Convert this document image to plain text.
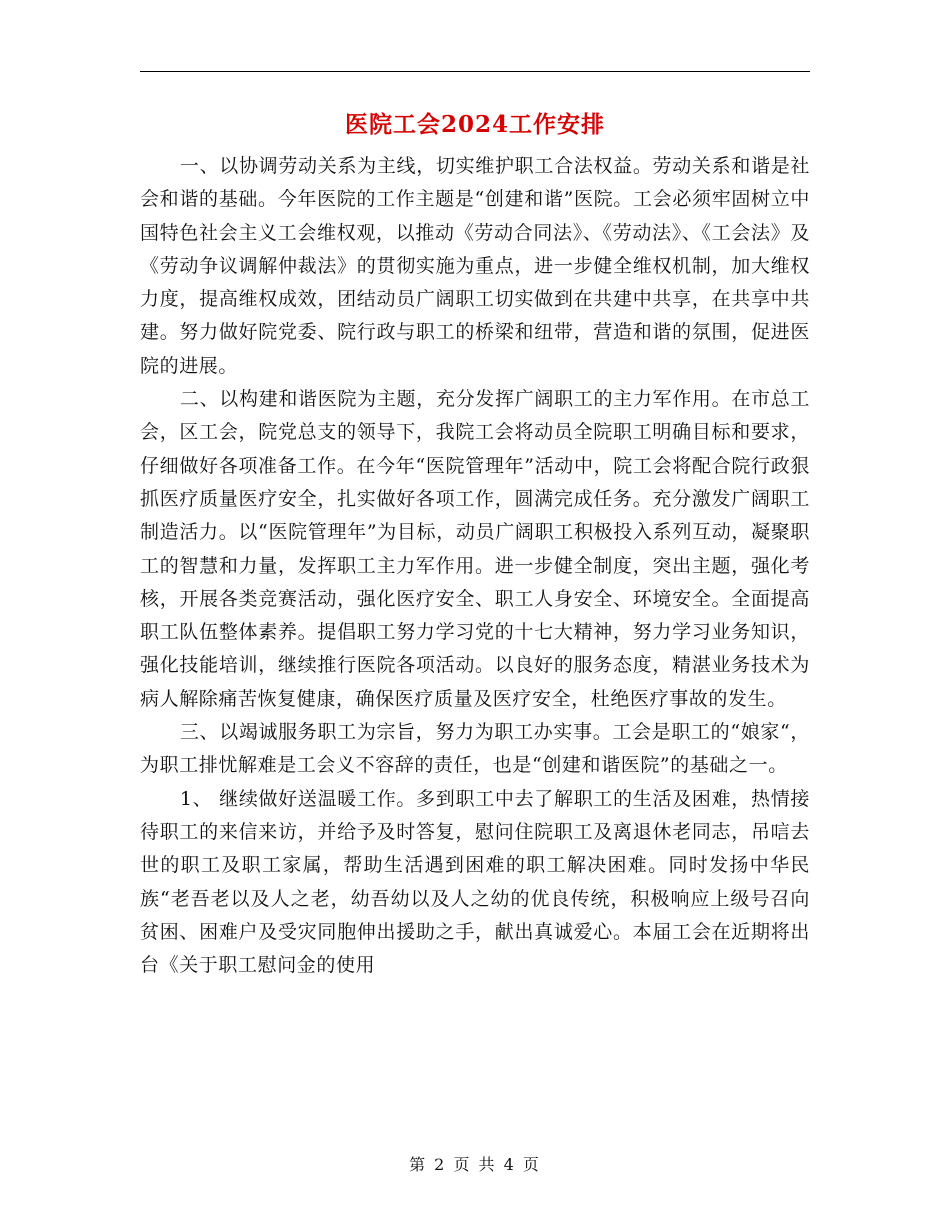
医院工会2024工作安排

一、以协调劳动关系为主线，切实维护职工合法权益。劳动关系和谐是社会和谐的基础。今年医院的工作主题是“创建和谐”医院。工会必须牢固树立中国特色社会主义工会维权观，以推动《劳动合同法》、《劳动法》、《工会法》及《劳动争议调解仲裁法》的贯彻实施为重点，进一步健全维权机制，加大维权力度，提高维权成效，团结动员广阔职工切实做到在共建中共享，在共享中共建。努力做好院党委、院行政与职工的桥梁和纽带，营造和谐的氛围，促进医院的进展。

二、以构建和谐医院为主题，充分发挥广阔职工的主力军作用。在市总工会，区工会，院党总支的领导下，我院工会将动员全院职工明确目标和要求，仔细做好各项准备工作。在今年“医院管理年”活动中，院工会将配合院行政狠抓医疗质量医疗安全，扎实做好各项工作，圆满完成任务。充分激发广阔职工制造活力。以“医院管理年”为目标，动员广阔职工积极投入系列互动，凝聚职工的智慧和力量，发挥职工主力军作用。进一步健全制度，突出主题，强化考核，开展各类竞赛活动，强化医疗安全、职工人身安全、环境安全。全面提高职工队伍整体素养。提倡职工努力学习党的十七大精神，努力学习业务知识，强化技能培训，继续推行医院各项活动。以良好的服务态度，精湛业务技术为病人解除痛苦恢复健康，确保医疗质量及医疗安全，杜绝医疗事故的发生。

三、以竭诚服务职工为宗旨，努力为职工办实事。工会是职工的“娘家“，为职工排忧解难是工会义不容辞的责任，也是“创建和谐医院”的基础之一。

1、 继续做好送温暖工作。多到职工中去了解职工的生活及困难，热情接待职工的来信来访，并给予及时答复，慰问住院职工及离退休老同志，吊唁去世的职工及职工家属，帮助生活遇到困难的职工解决困难。同时发扬中华民族“老吾老以及人之老，幼吾幼以及人之幼的优良传统，积极响应上级号召向贫困、困难户及受灾同胞伸出援助之手，献出真诚爱心。本届工会在近期将出台《关于职工慰问金的使用

第 2 页 共 4 页
